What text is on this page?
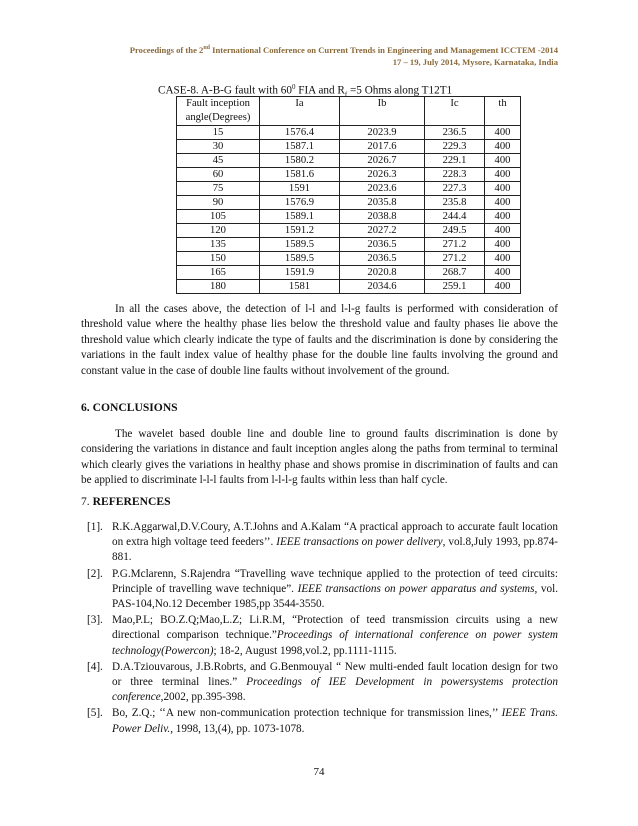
Proceedings of the 2nd International Conference on Current Trends in Engineering and Management ICCTEM -2014
17 – 19, July 2014, Mysore, Karnataka, India
CASE-8. A-B-G fault with $60^0$ FIA and $R_f =5$ Ohms along T12T1
Fault inception angle(Degrees)	Ia	Ib	Ic	th
15	1576.4	2023.9	236.5	400
30	1587.1	2017.6	229.3	400
45	1580.2	2026.7	229.1	400
60	1581.6	2026.3	228.3	400
75	1591	2023.6	227.3	400
90	1576.9	2035.8	235.8	400
105	1589.1	2038.8	244.4	400
120	1591.2	2027.2	249.5	400
135	1589.5	2036.5	271.2	400
150	1589.5	2036.5	271.2	400
165	1591.9	2020.8	268.7	400
180	1581	2034.6	259.1	400

In all the cases above, the detection of l-l and l-l-g faults is performed with consideration of threshold value where the healthy phase lies below the threshold value and faulty phases lie above the threshold value which clearly indicate the type of faults and the discrimination is done by considering the variations in the fault index value of healthy phase for the double line faults involving the ground and constant value in the case of double line faults without involvement of the ground.

6. CONCLUSIONS

The wavelet based double line and double line to ground faults discrimination is done by considering the variations in distance and fault inception angles along the paths from terminal to terminal which clearly gives the variations in healthy phase and shows promise in discrimination of faults and can be applied to discriminate l-l-l faults from l-l-l-g faults within less than half cycle.

7. REFERENCES
[1]. R.K.Aggarwal,D.V.Coury, A.T.Johns and A.Kalam “A practical approach to accurate fault location on extra high voltage teed feeders’’. IEEE transactions on power delivery, vol.8,July 1993, pp.874-881.
[2]. P.G.Mclarenn, S.Rajendra “Travelling wave technique applied to the protection of teed circuits: Principle of travelling wave technique”. IEEE transactions on power apparatus and systems, vol. PAS-104,No.12 December 1985,pp 3544-3550.
[3]. Mao,P.L; BO.Z.Q;Mao,L.Z; Li.R.M, “Protection of teed transmission circuits using a new directional comparison technique.”Proceedings of international conference on power system technology(Powercon); 18-2, August 1998,vol.2, pp.1111-1115.
[4]. D.A.Tziouvarous, J.B.Robrts, and G.Benmouyal “ New multi-ended fault location design for two or three terminal lines.” Proceedings of IEE Development in powersystems protection conference,2002, pp.395-398.
[5]. Bo, Z.Q.; ‘‘A new non-communication protection technique for transmission lines,’’ IEEE Trans. Power Deliv., 1998, 13,(4), pp. 1073-1078.
74
